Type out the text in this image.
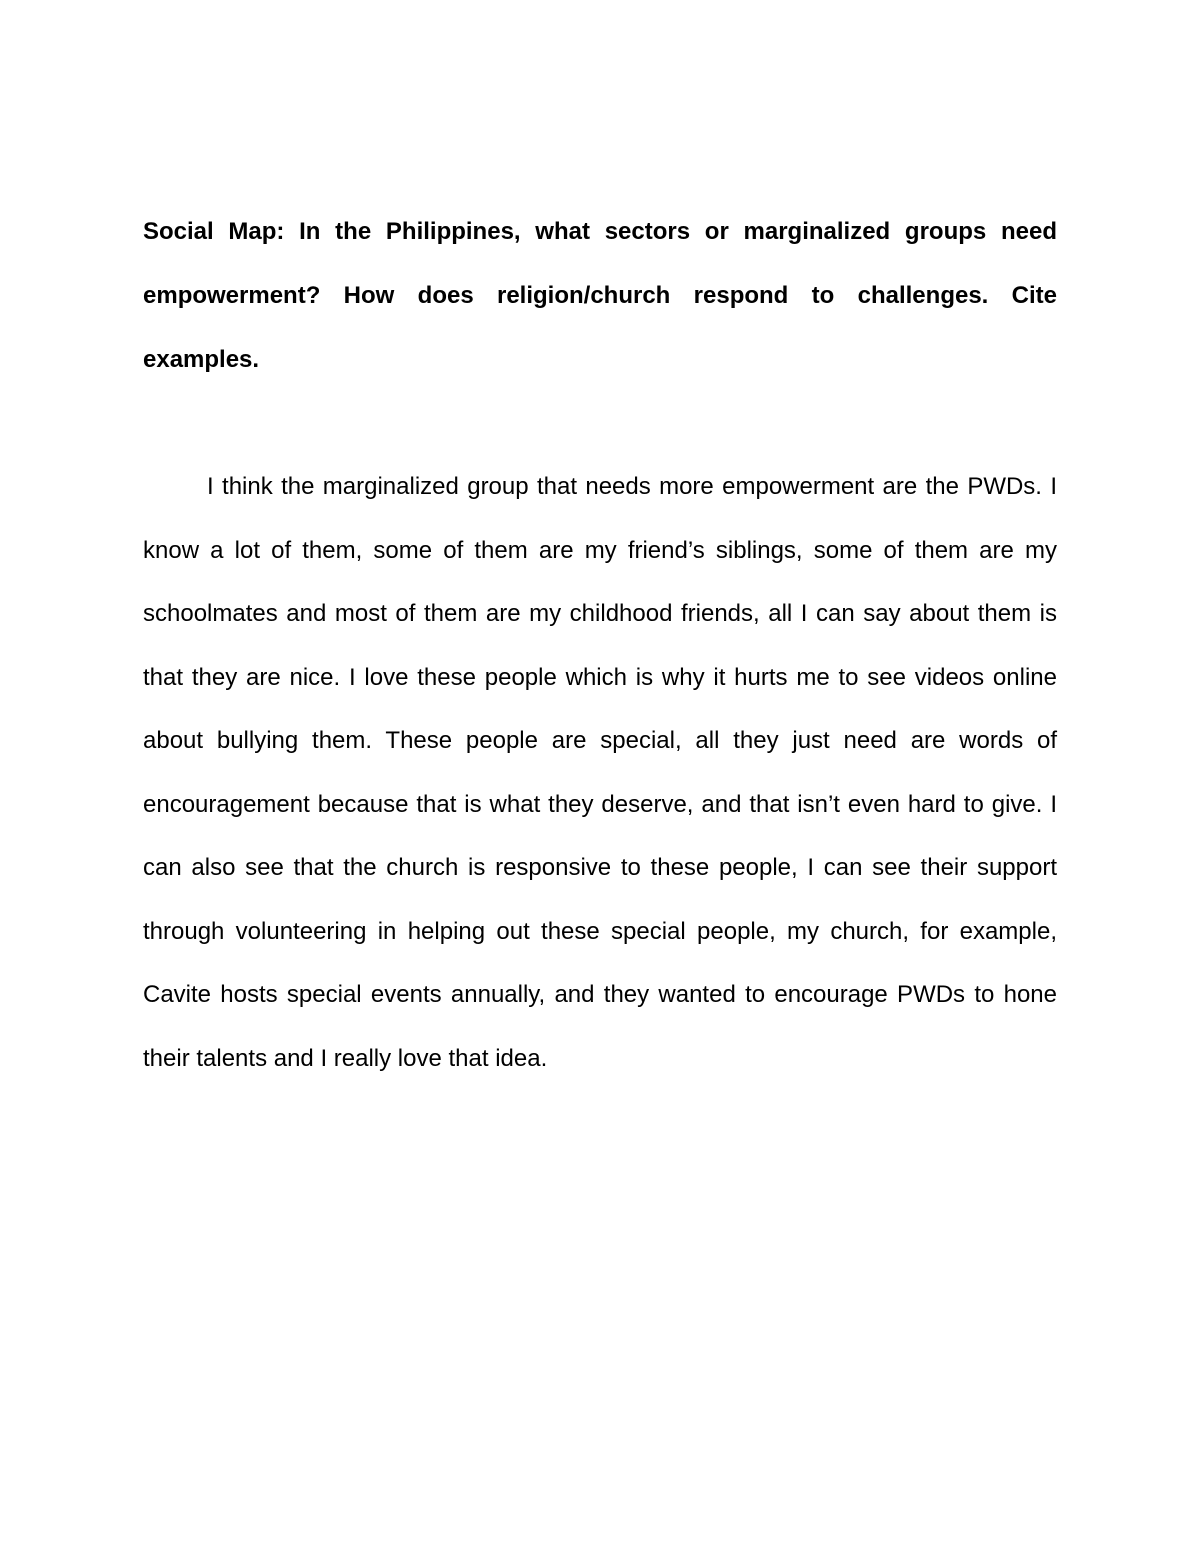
Social Map: In the Philippines, what sectors or marginalized groups need empowerment? How does religion/church respond to challenges. Cite examples.

I think the marginalized group that needs more empowerment are the PWDs. I know a lot of them, some of them are my friend’s siblings, some of them are my schoolmates and most of them are my childhood friends, all I can say about them is that they are nice. I love these people which is why it hurts me to see videos online about bullying them. These people are special, all they just need are words of encouragement because that is what they deserve, and that isn’t even hard to give. I can also see that the church is responsive to these people, I can see their support through volunteering in helping out these special people, my church, for example, Cavite hosts special events annually, and they wanted to encourage PWDs to hone their talents and I really love that idea.
